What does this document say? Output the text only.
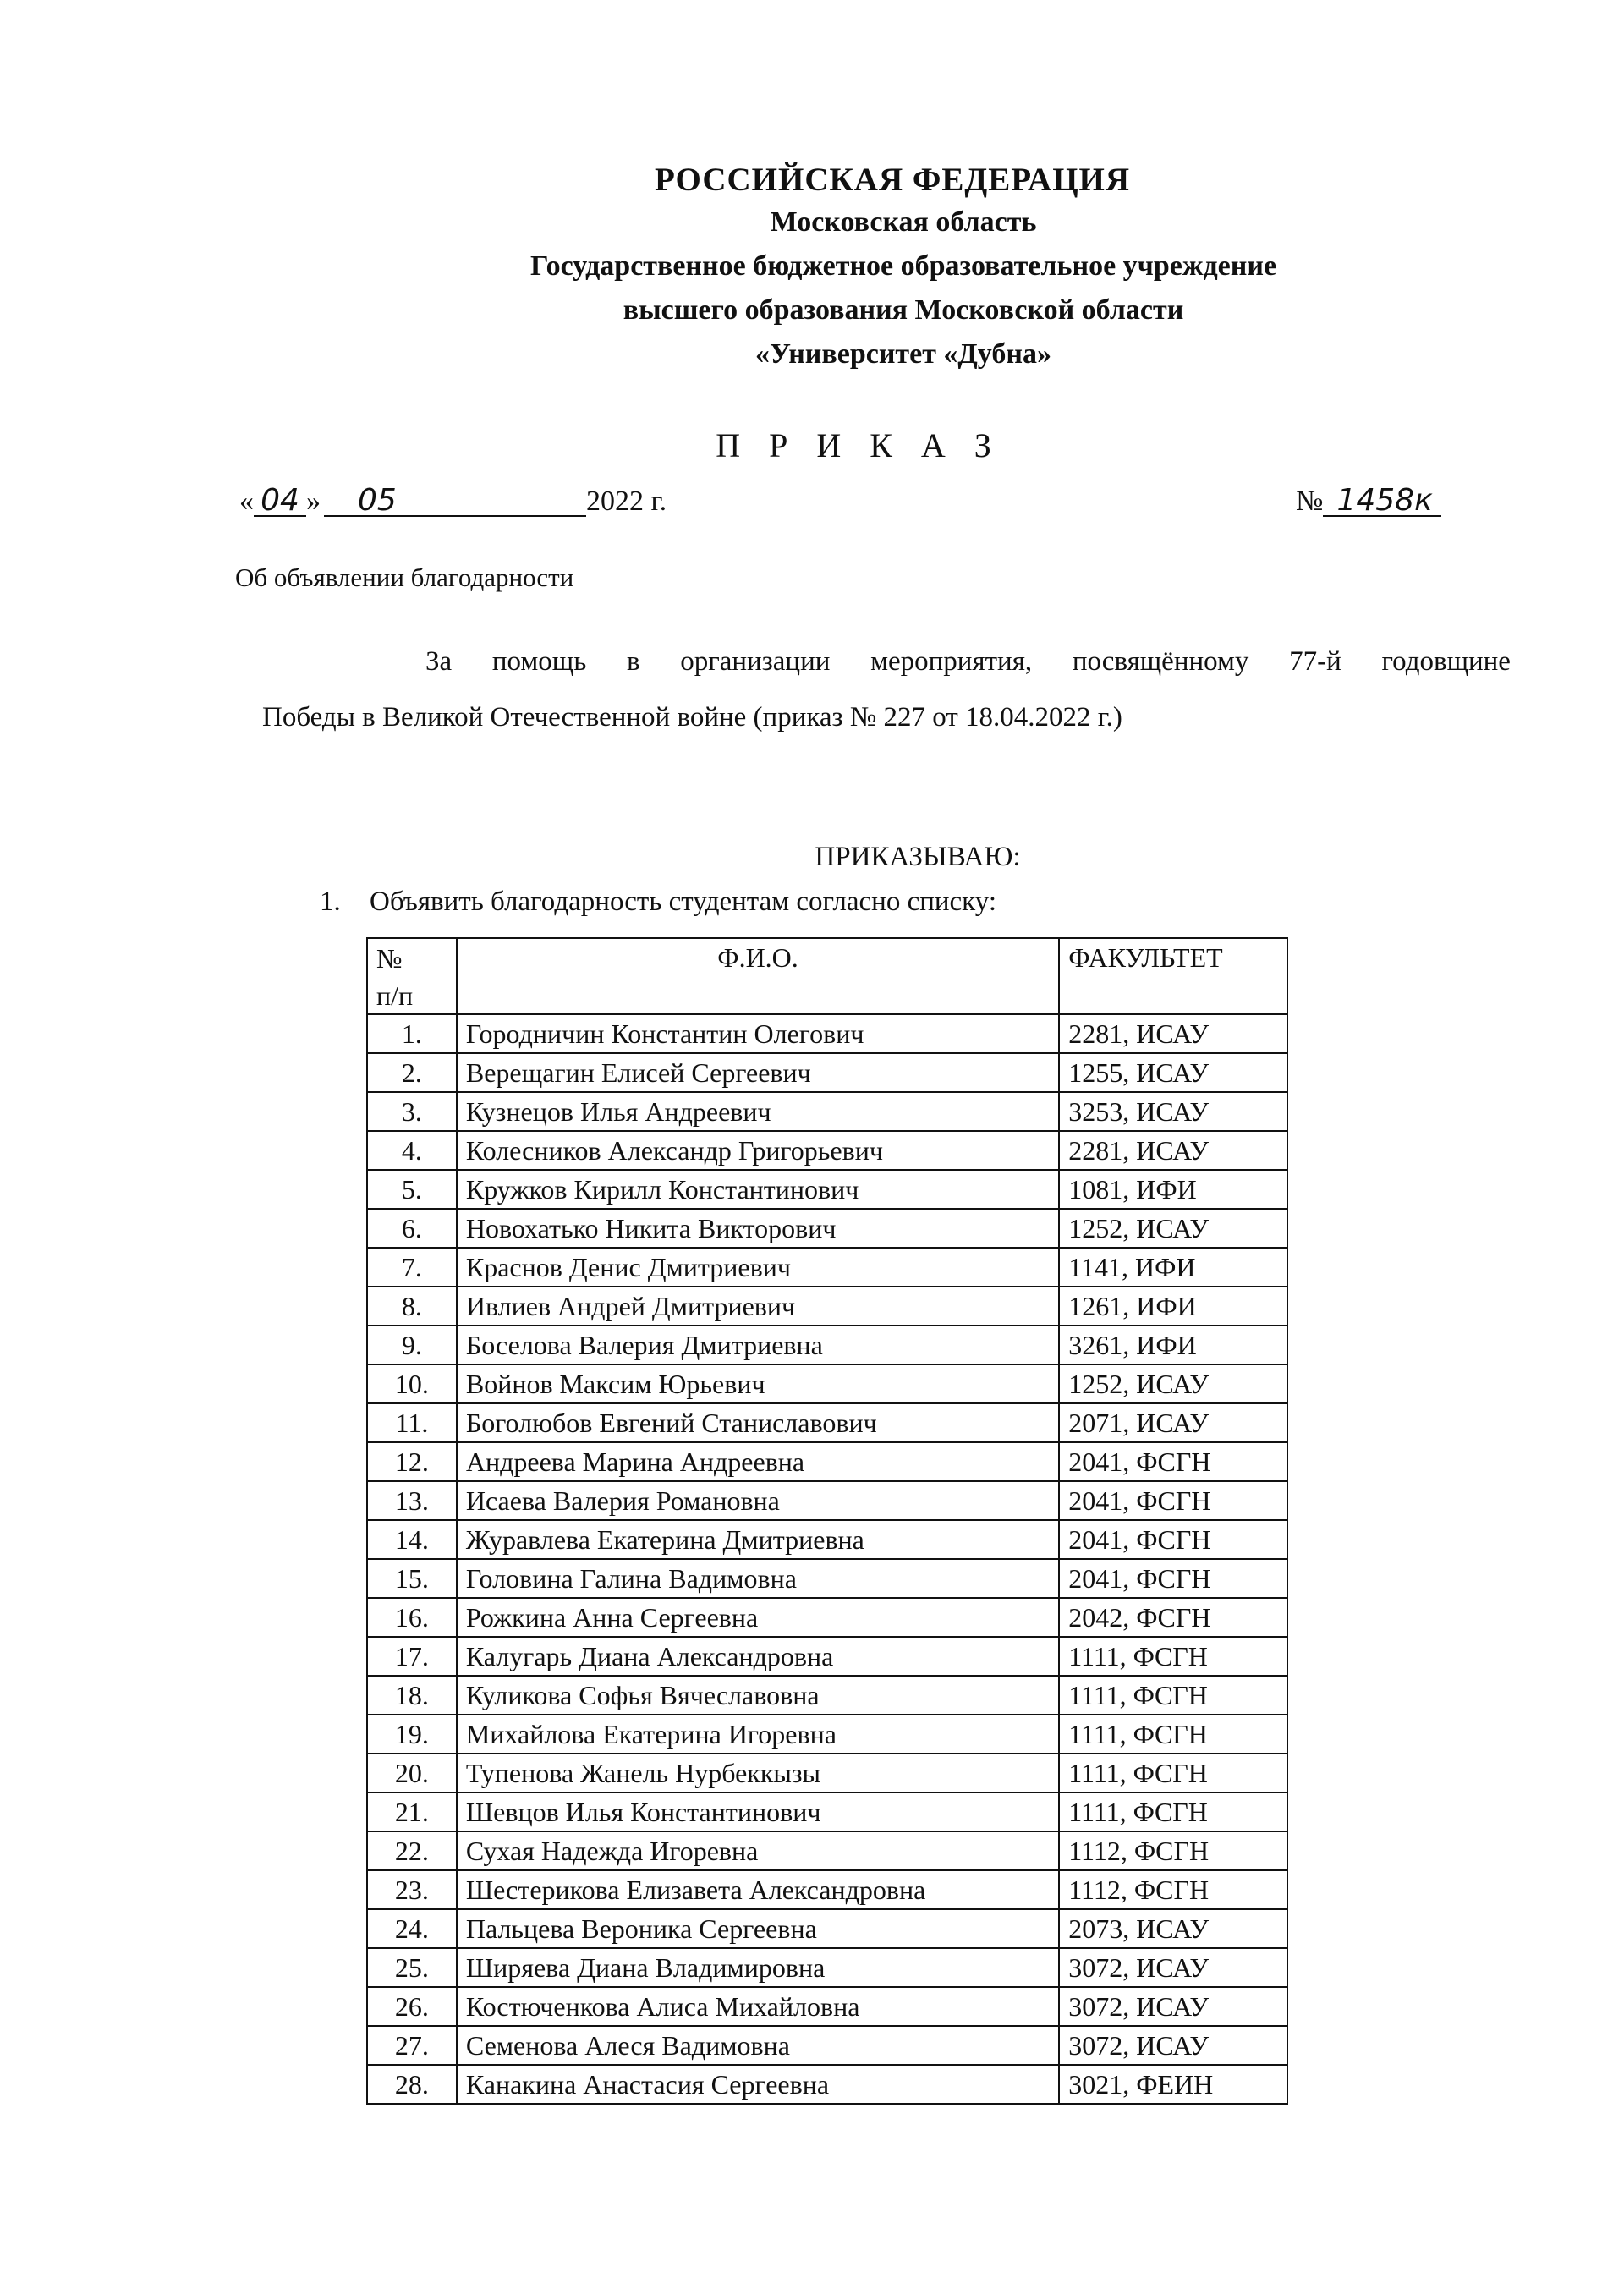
РОССИЙСКАЯ ФЕДЕРАЦИЯ
Московская область
Государственное бюджетное образовательное учреждение
высшего образования Московской области
«Университет «Дубна»
П Р И К А З
« 04 » 05	2022 г.	№ 1458к
Об объявлении благодарности
За помощь в организации мероприятия, посвящённому 77-й годовщине
Победы в Великой Отечественной войне (приказ № 227 от 18.04.2022 г.)
ПРИКАЗЫВАЮ:
1. Объявить благодарность студентам согласно списку:
№
п/п	Ф.И.О.	ФАКУЛЬТЕТ
1.	Городничин Константин Олегович	2281, ИСАУ
2.	Верещагин Елисей Сергеевич	1255, ИСАУ
3.	Кузнецов Илья Андреевич	3253, ИСАУ
4.	Колесников Александр Григорьевич	2281, ИСАУ
5.	Кружков Кирилл Константинович	1081, ИФИ
6.	Новохатько Никита Викторович	1252, ИСАУ
7.	Краснов Денис Дмитриевич	1141, ИФИ
8.	Ивлиев Андрей Дмитриевич	1261, ИФИ
9.	Боселова Валерия Дмитриевна	3261, ИФИ
10.	Войнов Максим Юрьевич	1252, ИСАУ
11.	Боголюбов Евгений Станиславович	2071, ИСАУ
12.	Андреева Марина Андреевна	2041, ФСГН
13.	Исаева Валерия Романовна	2041, ФСГН
14.	Журавлева Екатерина Дмитриевна	2041, ФСГН
15.	Головина Галина Вадимовна	2041, ФСГН
16.	Рожкина Анна Сергеевна	2042, ФСГН
17.	Калугарь Диана Александровна	1111, ФСГН
18.	Куликова Софья Вячеславовна	1111, ФСГН
19.	Михайлова Екатерина Игоревна	1111, ФСГН
20.	Тупенова Жанель Нурбеккызы	1111, ФСГН
21.	Шевцов Илья Константинович	1111, ФСГН
22.	Сухая Надежда Игоревна	1112, ФСГН
23.	Шестерикова Елизавета Александровна	1112, ФСГН
24.	Пальцева Вероника Сергеевна	2073, ИСАУ
25.	Ширяева Диана Владимировна	3072, ИСАУ
26.	Костюченкова Алиса Михайловна	3072, ИСАУ
27.	Семенова Алеся Вадимовна	3072, ИСАУ
28.	Канакина Анастасия Сергеевна	3021, ФЕИН
